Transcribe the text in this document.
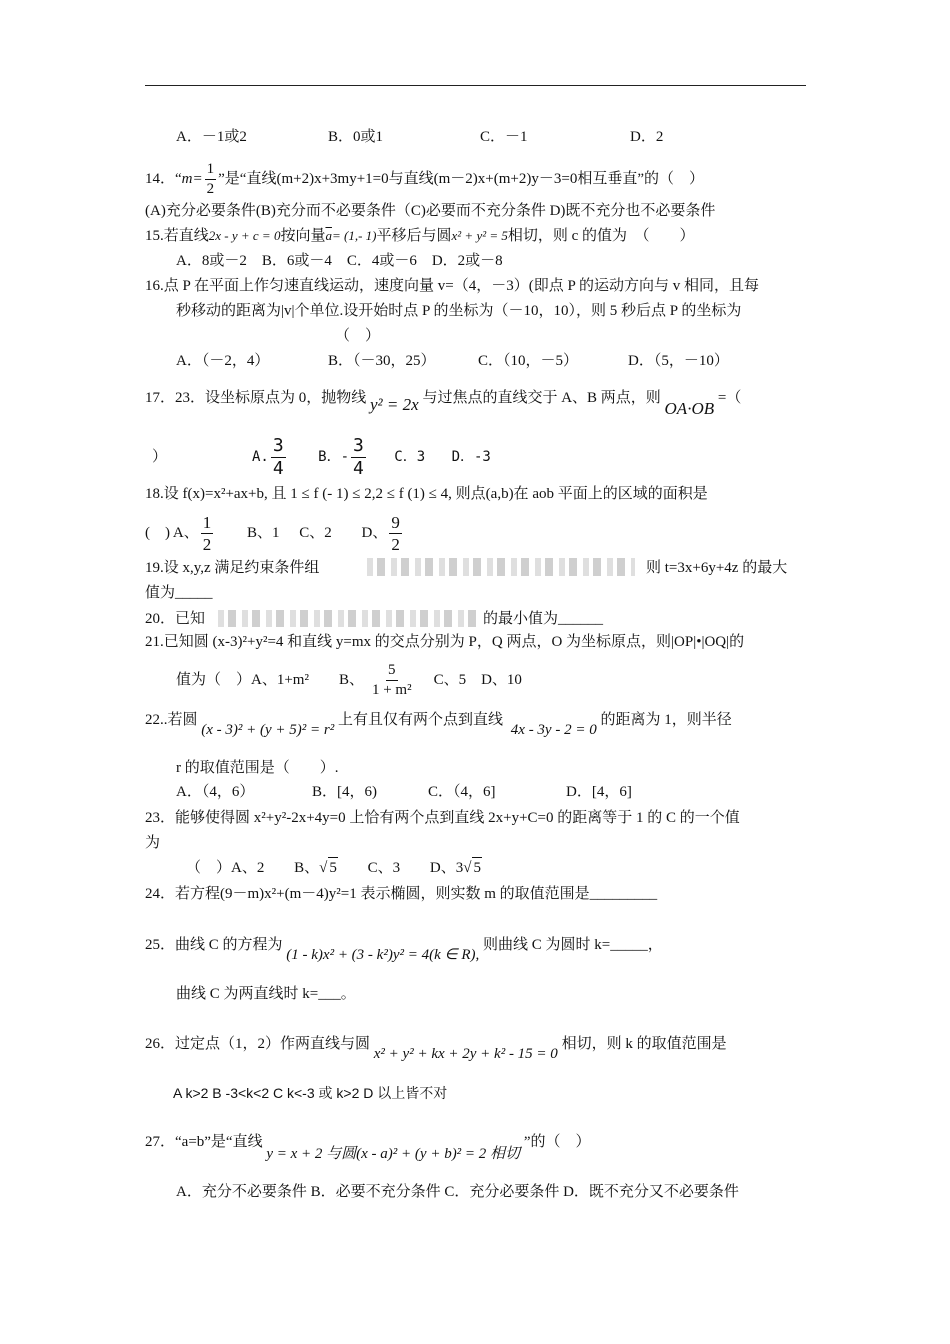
A．－1或2	B．0或1	C．－1	D．2
14．“$m= \frac{1}{2}$ ”是“直线(m+2)x+3my+1=0与直线(m－2)x+(m+2)y－3=0相互垂直”的（　）
(A)充分必要条件(B)充分而不必要条件（C)必要而不充分条件 D)既不充分也不必要条件
15.若直线2x - y + c = 0按向量$\overline{a}= (1,-$ 1)平移后与圆x² + y² = 5相切，则 c 的值为　（　　）
A．8或－2　B．6或－4　C．4或－6　D．2或－8
16.点 P 在平面上作匀速直线运动，速度向量 v=（4，－3）(即点 P 的运动方向与 v 相同，且每
秒移动的距离为|v|个单位.设开始时点 P 的坐标为（－10，10），则 5 秒后点 P 的坐标为
（　）
A．（－2，4）	B．（－30，25）	C．（10，－5）	D．（5，－10）
17．23．设坐标原点为 0，抛物线 y² = 2x 与过焦点的直线交于 A、B 两点，则 OA·OB =（
）	A. $\frac{3}{4}$ B．- $\frac{3}{4}$ C．3 D．-3
18.设 f(x)=x²+ax+b, 且 1 ≤ f (- 1) ≤ 2,2 ≤ f (1) ≤ 4, 则点(a,b)在 aob 平面上的区域的面积是
(　) A、 $\frac{1}{2}$ B、1 C、2 D、 $\frac{9}{2}$
19.设 x,y,z 满足约束条件组	则 t=3x+6y+4z 的最大
值为_____
20．已知	的最小值为______
21.已知圆 (x-3)²+y²=4 和直线 y=mx 的交点分别为 P，Q 两点，O 为坐标原点，则|OP|•|OQ|的
值为（　）A、1+m²　　B、 $\frac{5}{\text{1 + m²}}$ C、5　D、10
22..若圆 (x - 3)² + (y + 5)² = r² 上有且仅有两个点到直线 4x - 3y - 2 = 0 的距离为 1，则半径
r 的取值范围是（　　）.
A．（4，6）	B．[4，6)	C．（4，6]	D．[4，6]
23．能够使得圆 x²+y²-2x+4y=0 上恰有两个点到直线 2x+y+C=0 的距离等于 1 的 C 的一个值
为
（　）A、2 B、√ 5 C、3 D、3√ 5
24．若方程(9－m)x²+(m－4)y²=1 表示椭圆，则实数 m 的取值范围是_________
25．曲线 C 的方程为 (1 - k)x² + (3 - k²)y² = 4(k ∈ R), 则曲线 C 为圆时 k=_____，
曲线 C 为两直线时 k=___。
26．过定点（1，2）作两直线与圆 x² + y² + kx + 2y + k² - 15 = 0 相切，则 k 的取值范围是
A k>2 B -3<k<2 C k<-3 或 k>2 D 以上皆不对
27．“a=b”是“直线 y = x + 2 与圆(x - a)² + (y + b)² = 2 相切 ”的（　）
A．充分不必要条件 B．必要不充分条件 C．充分必要条件 D．既不充分又不必要条件
